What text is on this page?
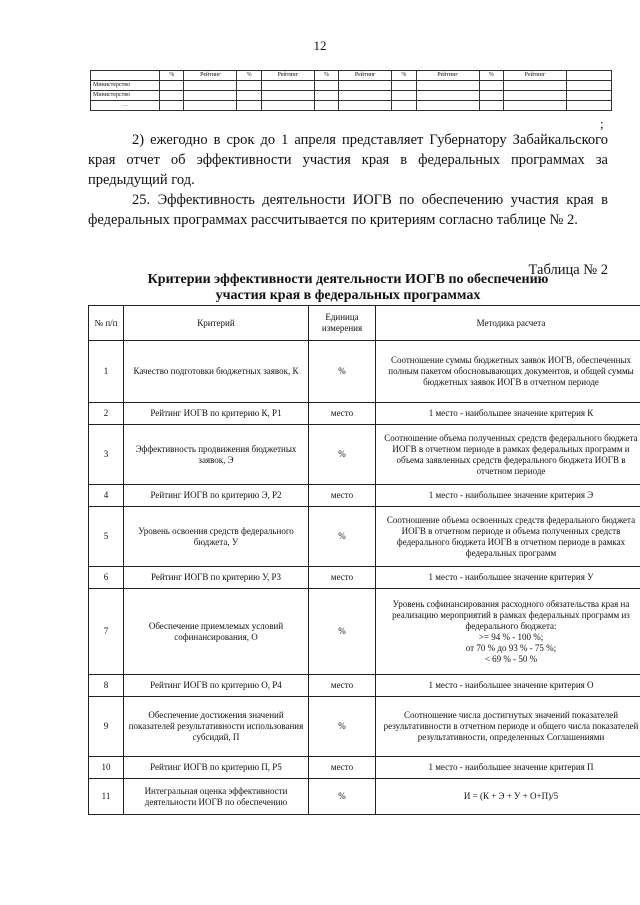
12
	%	Рейтинг	%	Рейтинг	%	Рейтинг	%	Рейтинг	%	Рейтинг	
Министерство											
Министерство											
…											
;
2) ежегодно в срок до 1 апреля представляет Губернатору Забайкальского края отчет об эффективности участия края в федеральных программах за предыдущий год.
25. Эффективность деятельности ИОГВ по обеспечению участия края в федеральных программах рассчитывается по критериям согласно таблице № 2.
Таблица № 2
Критерии эффективности деятельности ИОГВ по обеспечению
участия края в федеральных программах
№ п/п	Критерий	Единица измерения	Методика расчета
1	Качество подготовки бюджетных заявок, К	%	Соотношение суммы бюджетных заявок ИОГВ, обеспеченных полным пакетом обосновывающих документов, и общей суммы бюджетных заявок ИОГВ в отчетном периоде
2	Рейтинг ИОГВ по критерию К, Р1	место	1 место - наибольшее значение критерия К
3	Эффективность продвижения бюджетных заявок, Э	%	Соотношение объема полученных средств федерального бюджета ИОГВ в отчетном периоде в рамках федеральных программ и объема заявленных средств федерального бюджета ИОГВ в отчетном периоде
4	Рейтинг ИОГВ по критерию Э, Р2	место	1 место - наибольшее значение критерия Э
5	Уровень освоения средств федерального бюджета, У	%	Соотношение объема освоенных средств федерального бюджета ИОГВ в отчетном периоде и объема полученных средств федерального бюджета ИОГВ в отчетном периоде в рамках федеральных программ
6	Рейтинг ИОГВ по критерию У, Р3	место	1 место - наибольшее значение критерия У
7	Обеспечение приемлемых условий софинансирования, О	%	Уровень софинансирования расходного обязательства края на реализацию мероприятий в рамках федеральных программ из федерального бюджета:
>= 94 % - 100 %;
от 70 % до 93 % - 75 %;
< 69 % - 50 %

8	Рейтинг ИОГВ по критерию О, Р4	место	1 место - наибольшее значение критерия О
9	Обеспечение достижения значений показателей результативности использования субсидий, П	%	Соотношение числа достигнутых значений показателей результативности в отчетном периоде и общего числа показателей результативности, определенных Соглашениями
10	Рейтинг ИОГВ по критерию П, Р5	место	1 место - наибольшее значение критерия П
11	Интегральная оценка эффективности деятельности ИОГВ по обеспечению	%	И = (К + Э + У + О+П)/5
